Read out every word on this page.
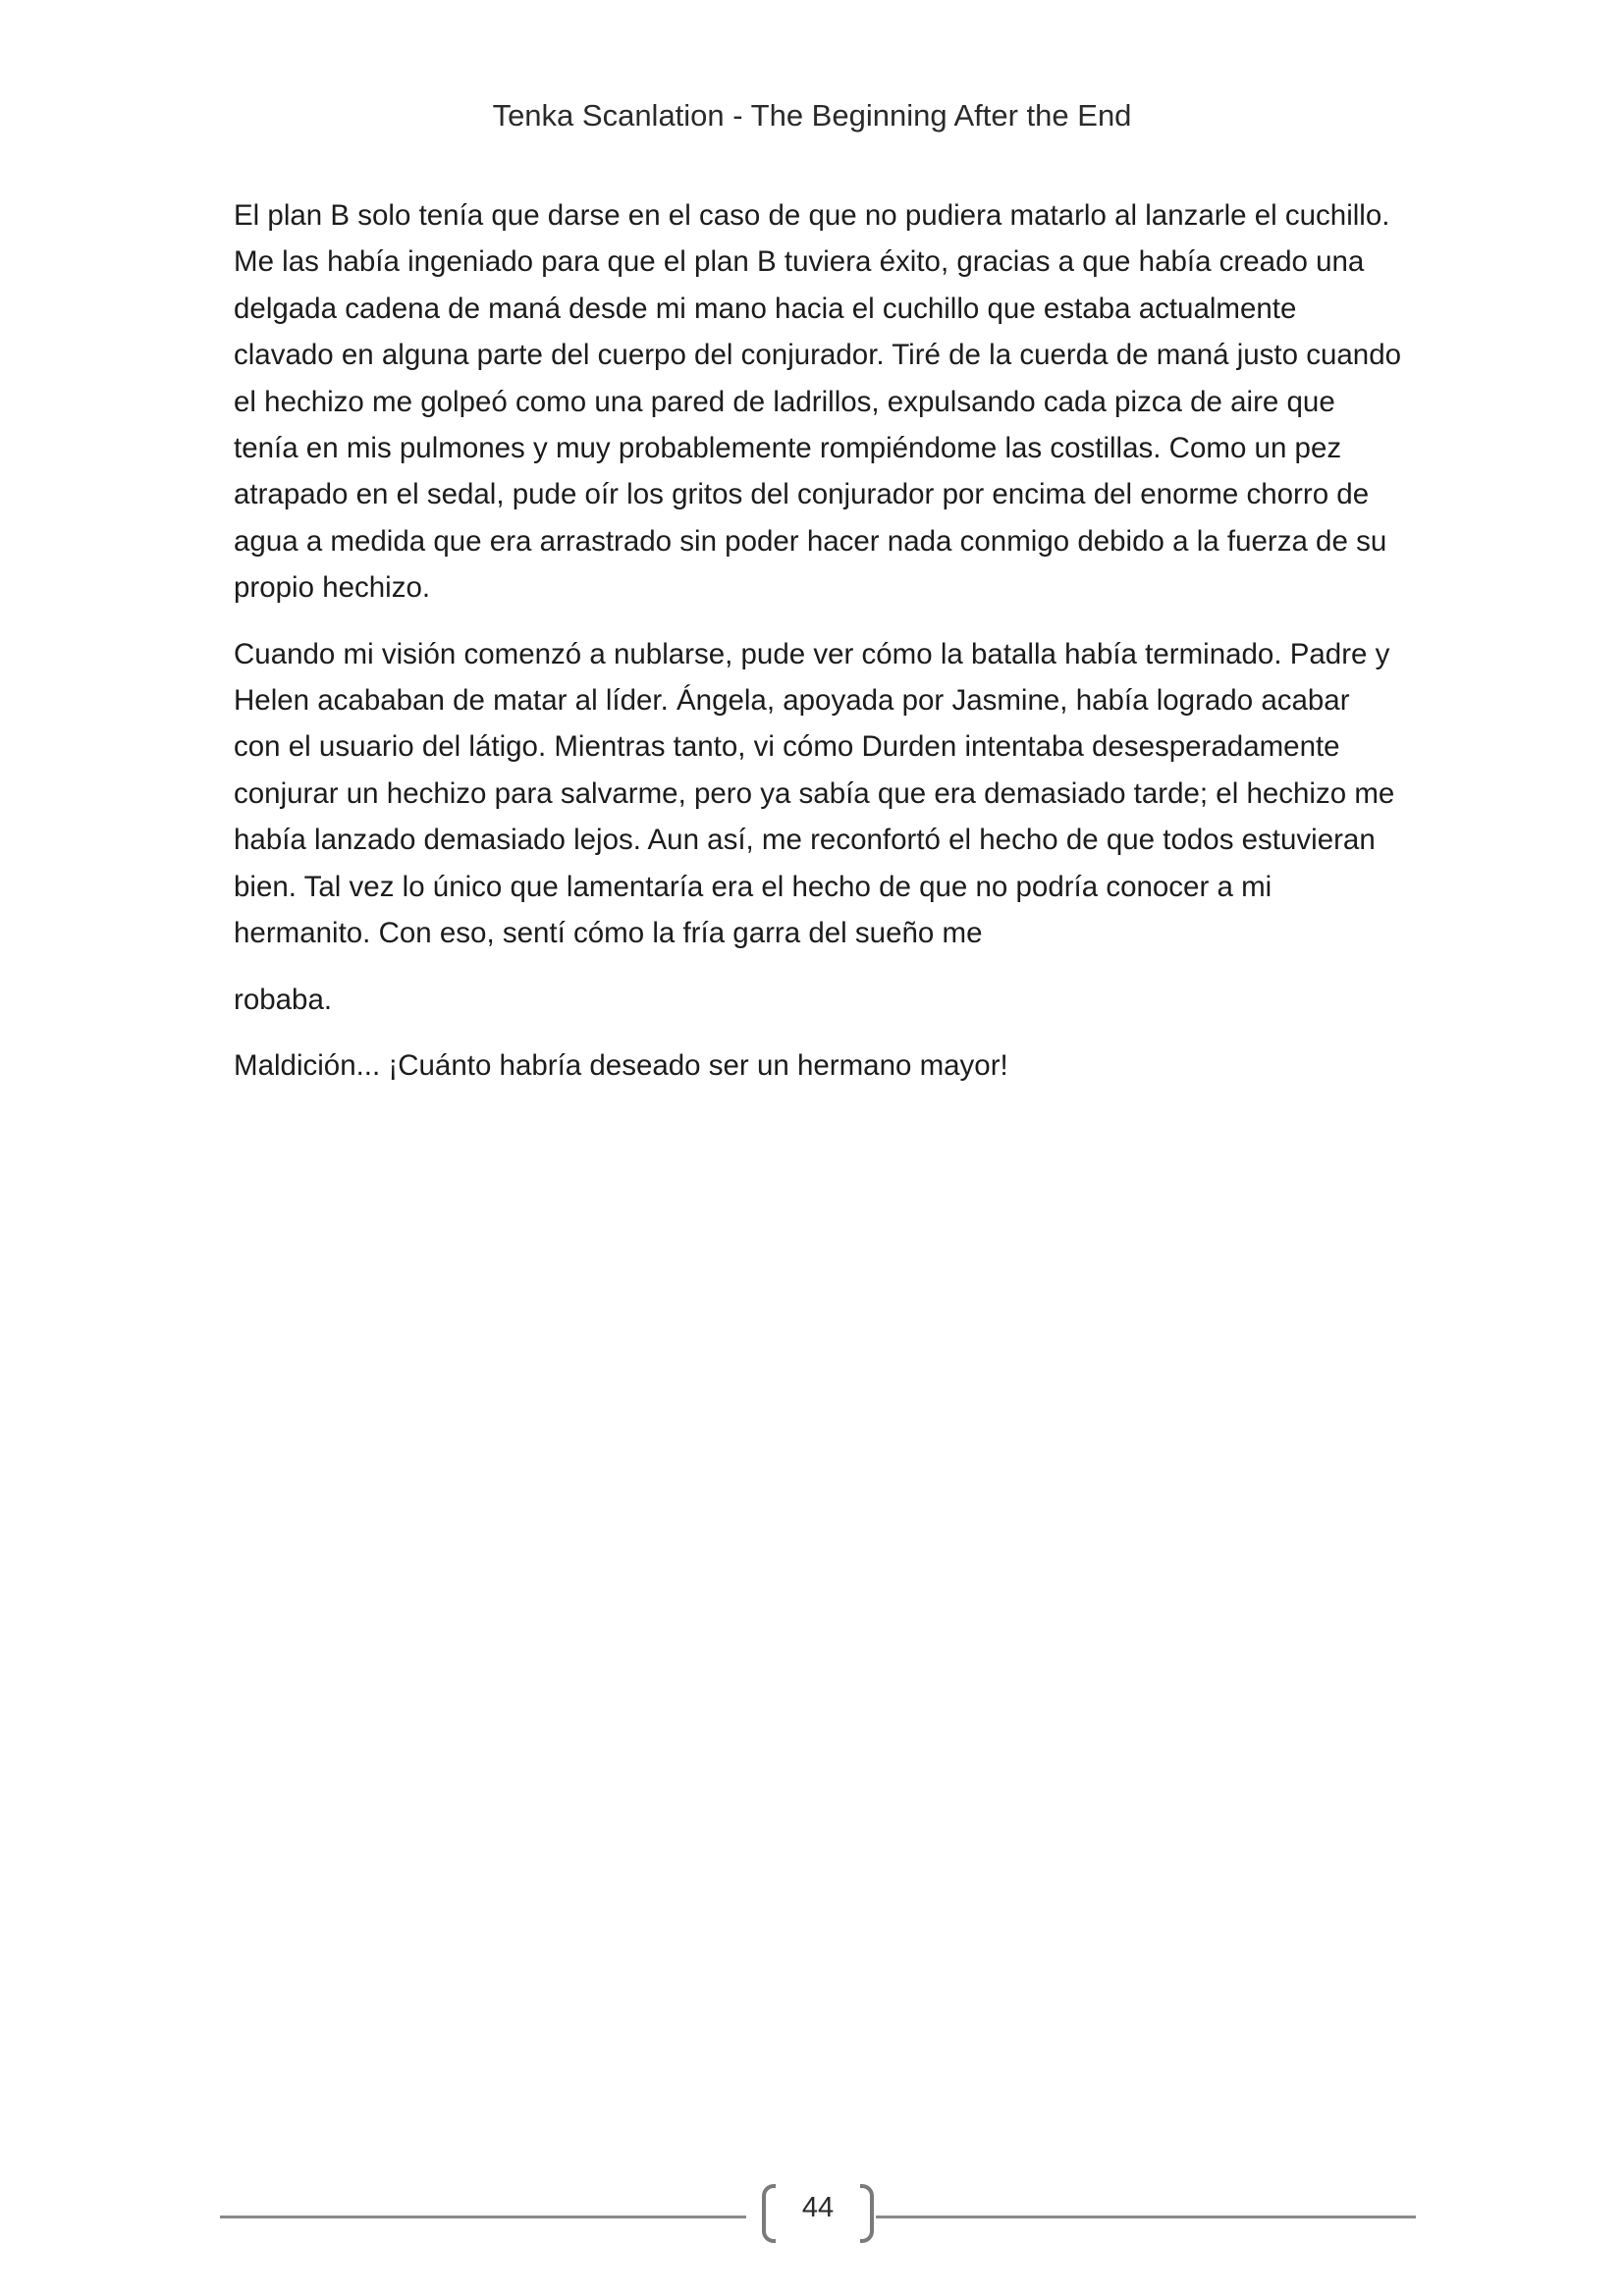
Tenka Scanlation - The Beginning After the End

El plan B solo tenía que darse en el caso de que no pudiera matarlo al lanzarle el cuchillo. Me las había ingeniado para que el plan B tuviera éxito, gracias a que había creado una delgada cadena de maná desde mi mano hacia el cuchillo que estaba actualmente clavado en alguna parte del cuerpo del conjurador. Tiré de la cuerda de maná justo cuando el hechizo me golpeó como una pared de ladrillos, expulsando cada pizca de aire que tenía en mis pulmones y muy probablemente rompiéndome las costillas. Como un pez atrapado en el sedal, pude oír los gritos del conjurador por encima del enorme chorro de agua a medida que era arrastrado sin poder hacer nada conmigo debido a la fuerza de su propio hechizo.

Cuando mi visión comenzó a nublarse, pude ver cómo la batalla había terminado. Padre y Helen acababan de matar al líder. Ángela, apoyada por Jasmine, había logrado acabar con el usuario del látigo. Mientras tanto, vi cómo Durden intentaba desesperadamente conjurar un hechizo para salvarme, pero ya sabía que era demasiado tarde; el hechizo me había lanzado demasiado lejos. Aun así, me reconfortó el hecho de que todos estuvieran bien. Tal vez lo único que lamentaría era el hecho de que no podría conocer a mi hermanito. Con eso, sentí cómo la fría garra del sueño me

robaba.

Maldición... ¡Cuánto habría deseado ser un hermano mayor!

44
